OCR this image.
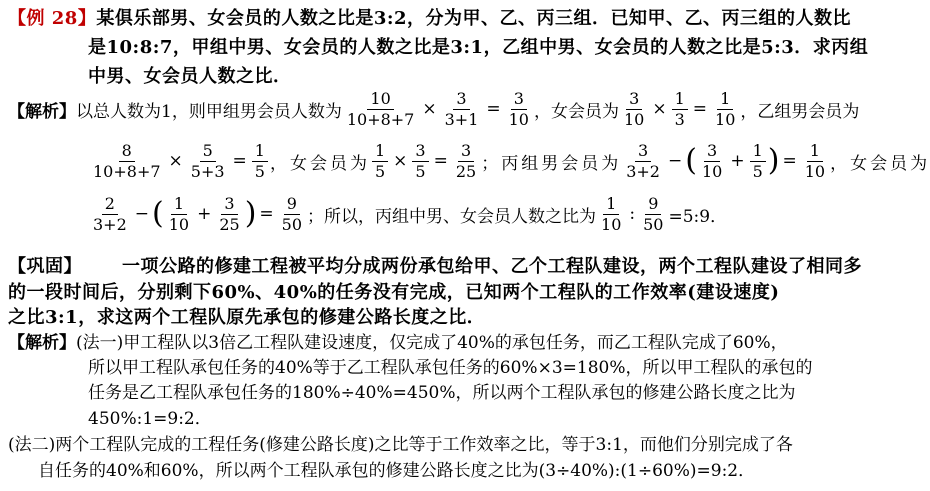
【例 28】某俱乐部男、女会员的人数之比是3:2，分为甲、乙、丙三组．已知甲、乙、丙三组的人数比
是10:8:7，甲组中男、女会员的人数之比是3:1，乙组中男、女会员的人数之比是5:3．求丙组
中男、女会员人数之比．
【解析】 以总人数为1，则甲组男会员人数为 $\frac{10}{10+8+7} \times \frac{3}{3+1} = \frac{3}{10}$ ，女会员为 $\frac{3}{10} \times \frac{1}{3} = \frac{1}{10}$ ，乙组男会员为
$\frac{8}{10+8+7} \times \frac{5}{5+3} = \frac{1}{5}$ ，女会员为 $\frac{1}{5} \times \frac{3}{5} = \frac{3}{25}$ ；丙组男会员为 $\frac{3}{3+2}$ − ( $\frac{3}{10} + \frac{1}{5}$ ) = $\frac{1}{10}$ ，女会员为
$\frac{2}{3+2}$ − ( $\frac{1}{10} + \frac{3}{25}$ ) = $\frac{9}{50}$ ；所以，丙组中男、女会员人数之比为 $\frac{1}{10}$ : $\frac{9}{50}$ =5:9．
【巩固】 一项公路的修建工程被平均分成两份承包给甲、乙个工程队建设，两个工程队建设了相同多
的一段时间后，分别剩下60%、40%的任务没有完成，已知两个工程队的工作效率(建设速度)
之比3:1，求这两个工程队原先承包的修建公路长度之比．
【解析】(法一)甲工程队以3倍乙工程队建设速度，仅完成了40%的承包任务，而乙工程队完成了60%，
所以甲工程队承包任务的40%等于乙工程队承包任务的60%×3=180%，所以甲工程队的承包的
任务是乙工程队承包任务的180%÷40%=450%，所以两个工程队承包的修建公路长度之比为
450%:1=9:2．
(法二)两个工程队完成的工程任务(修建公路长度)之比等于工作效率之比，等于3:1，而他们分别完成了各
自任务的40%和60%，所以两个工程队承包的修建公路长度之比为(3÷40%):(1÷60%)=9:2．
